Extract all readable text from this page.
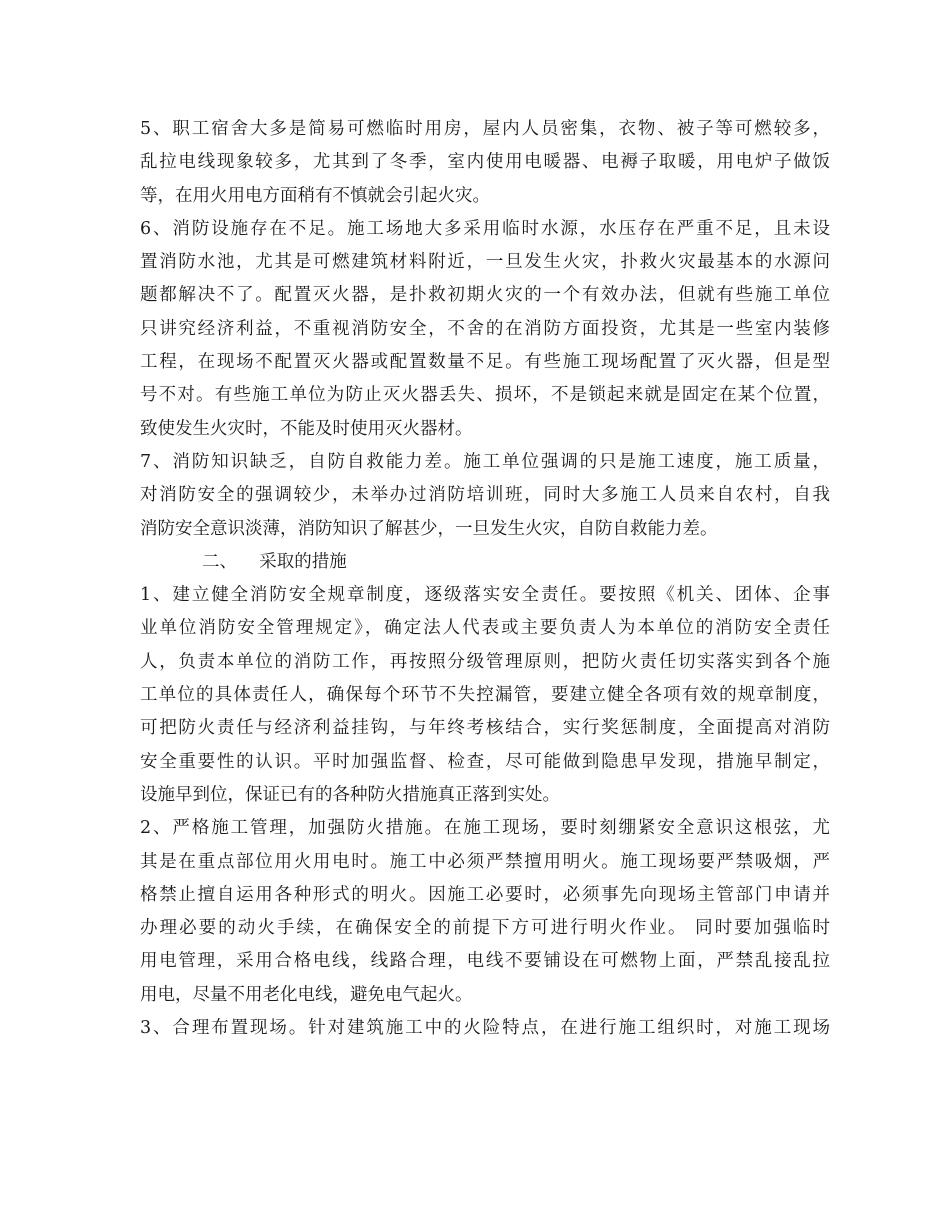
5、职工宿舍大多是简易可燃临时用房，屋内人员密集，衣物、被子等可燃较多，
乱拉电线现象较多，尤其到了冬季，室内使用电暖器、电褥子取暖，用电炉子做饭
等，在用火用电方面稍有不慎就会引起火灾。
6、消防设施存在不足。施工场地大多采用临时水源，水压存在严重不足，且未设
置消防水池，尤其是可燃建筑材料附近，一旦发生火灾，扑救火灾最基本的水源问
题都解决不了。配置灭火器，是扑救初期火灾的一个有效办法，但就有些施工单位
只讲究经济利益，不重视消防安全，不舍的在消防方面投资，尤其是一些室内装修
工程，在现场不配置灭火器或配置数量不足。有些施工现场配置了灭火器，但是型
号不对。有些施工单位为防止灭火器丢失、损坏，不是锁起来就是固定在某个位置，
致使发生火灾时，不能及时使用灭火器材。
7、消防知识缺乏，自防自救能力差。施工单位强调的只是施工速度，施工质量，
对消防安全的强调较少，未举办过消防培训班，同时大多施工人员来自农村，自我
消防安全意识淡薄，消防知识了解甚少，一旦发生火灾，自防自救能力差。
二、    采取的措施
1、建立健全消防安全规章制度，逐级落实安全责任。要按照《机关、团体、企事
业单位消防安全管理规定》，确定法人代表或主要负责人为本单位的消防安全责任
人，负责本单位的消防工作，再按照分级管理原则，把防火责任切实落实到各个施
工单位的具体责任人，确保每个环节不失控漏管，要建立健全各项有效的规章制度，
可把防火责任与经济利益挂钩，与年终考核结合，实行奖惩制度，全面提高对消防
安全重要性的认识。平时加强监督、检查，尽可能做到隐患早发现，措施早制定，
设施早到位，保证已有的各种防火措施真正落到实处。
2、严格施工管理，加强防火措施。在施工现场，要时刻绷紧安全意识这根弦，尤
其是在重点部位用火用电时。施工中必须严禁擅用明火。施工现场要严禁吸烟，严
格禁止擅自运用各种形式的明火。因施工必要时，必须事先向现场主管部门申请并
办理必要的动火手续，在确保安全的前提下方可进行明火作业。 同时要加强临时
用电管理，采用合格电线，线路合理，电线不要铺设在可燃物上面，严禁乱接乱拉
用电，尽量不用老化电线，避免电气起火。
3、合理布置现场。针对建筑施工中的火险特点，在进行施工组织时，对施工现场
